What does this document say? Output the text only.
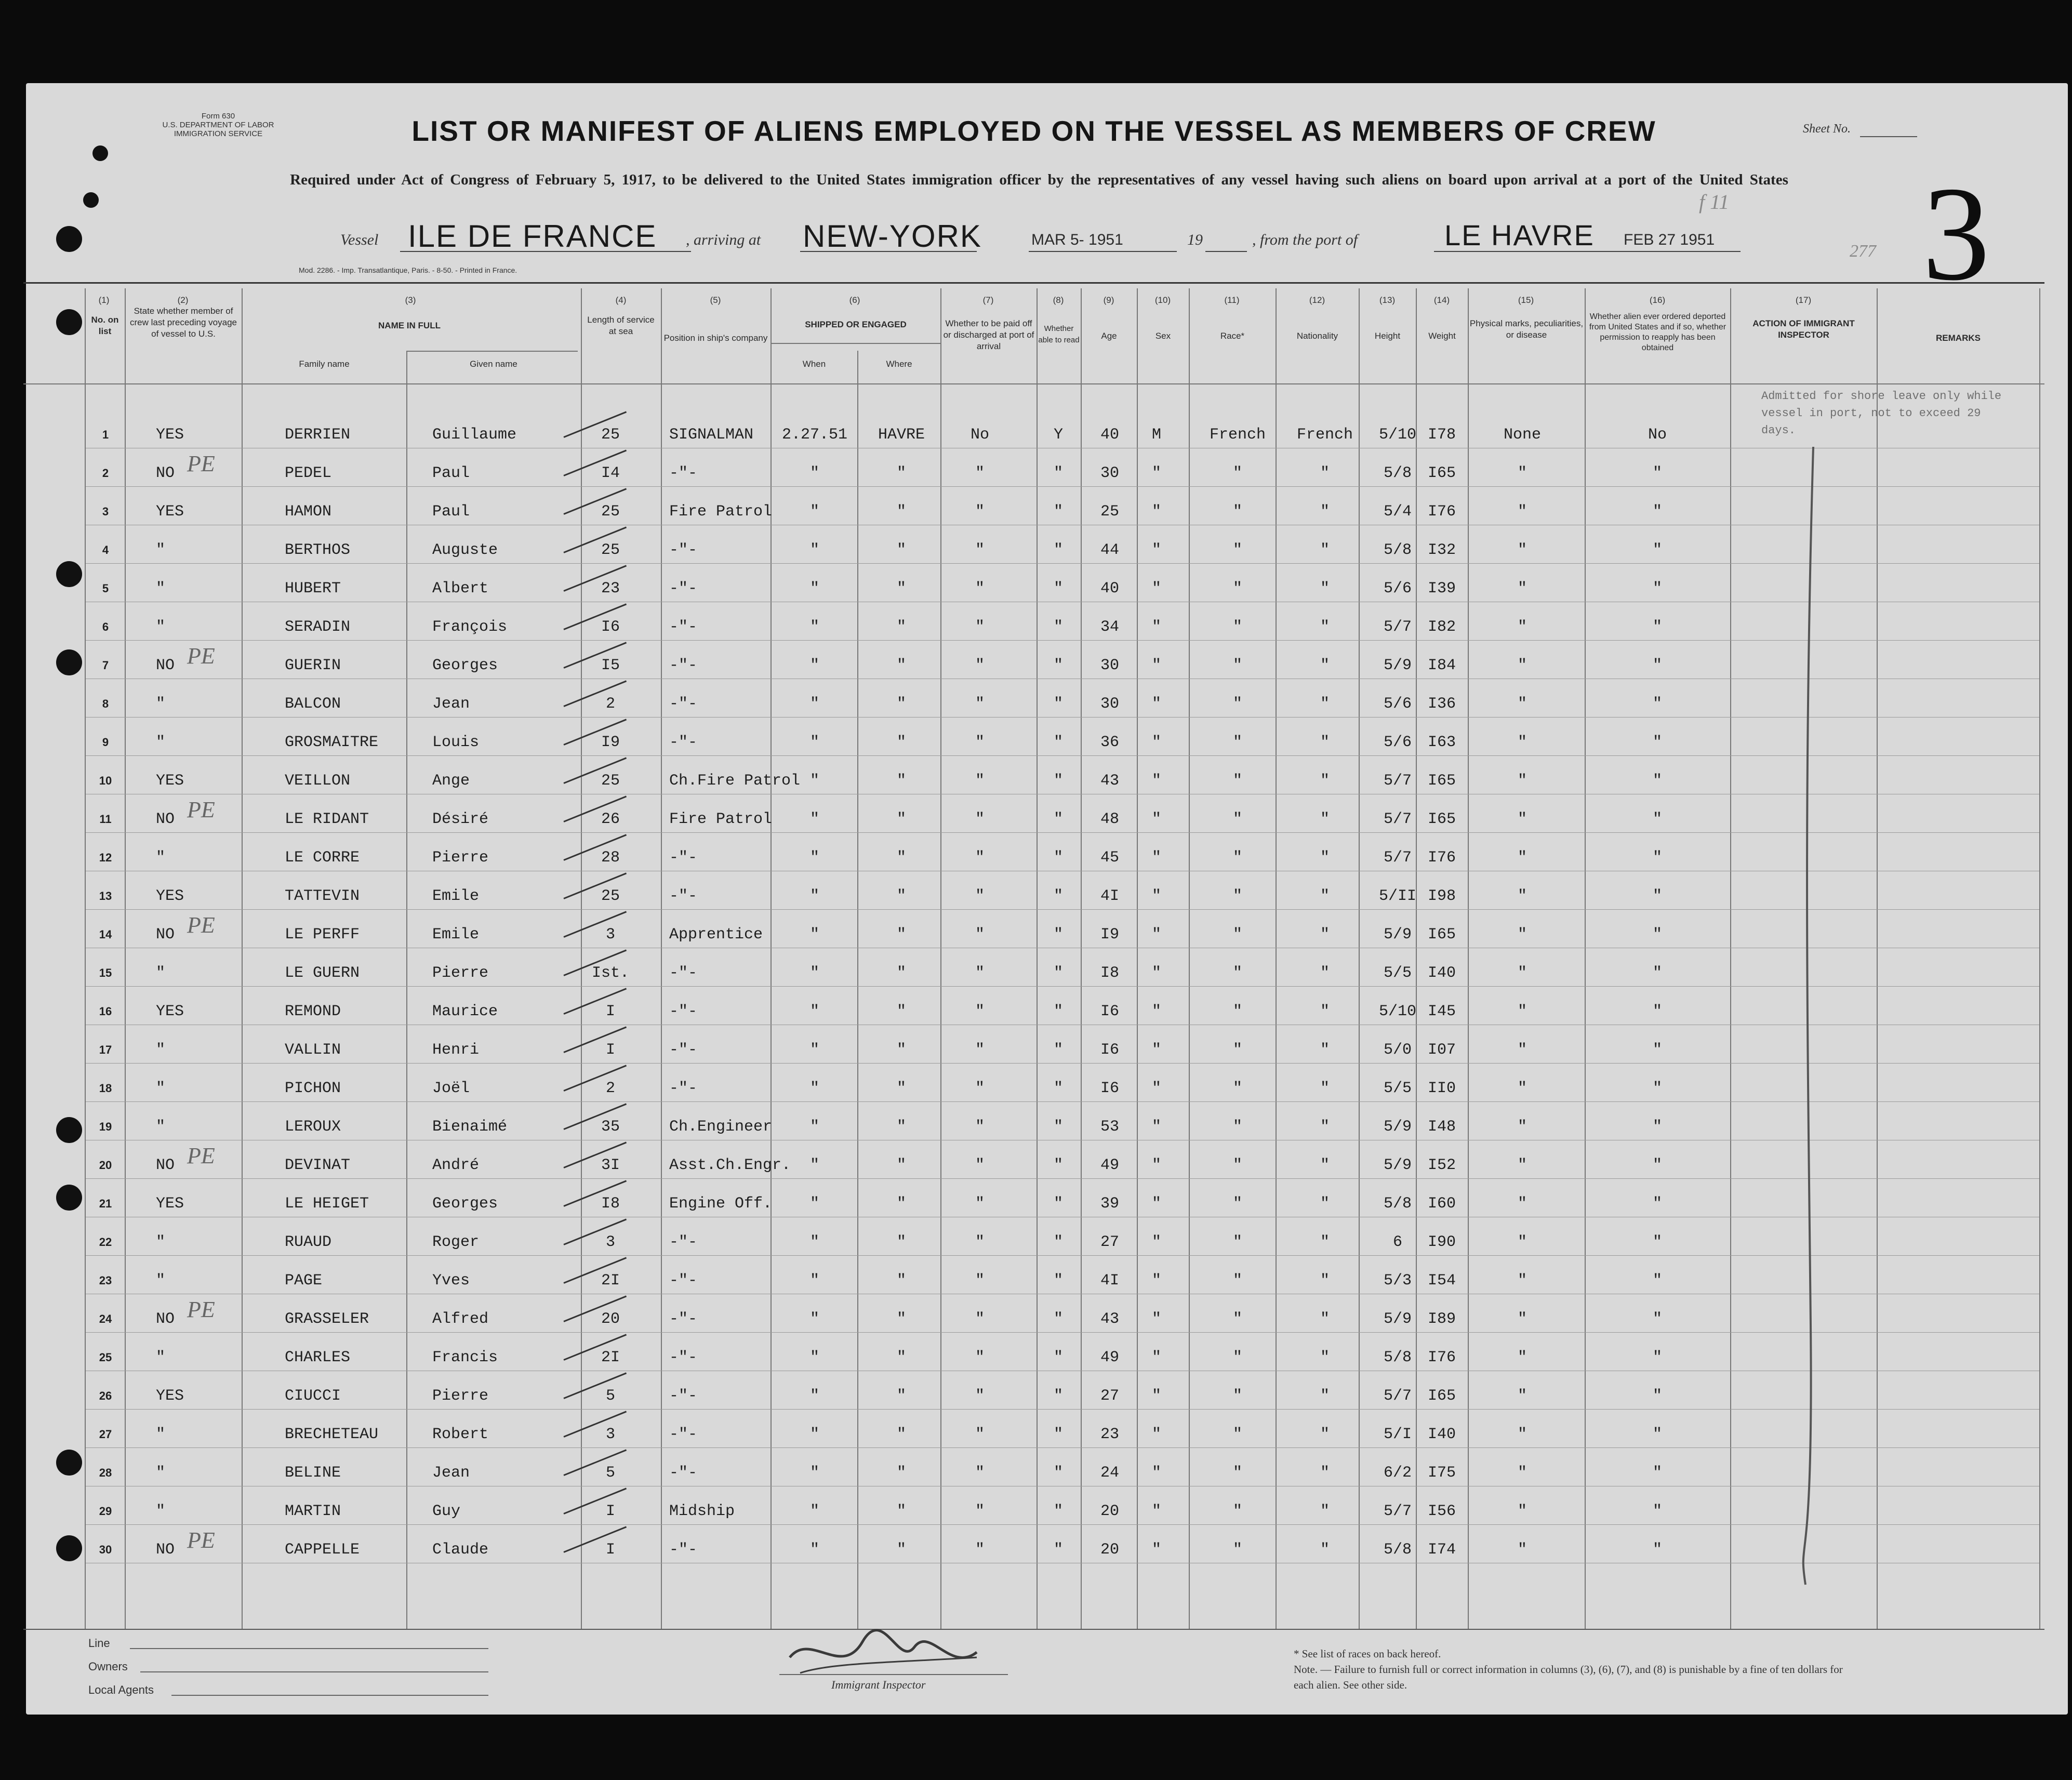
Form 630
U.S. DEPARTMENT OF LABOR
IMMIGRATION SERVICE	LIST OR MANIFEST OF ALIENS EMPLOYED ON THE VESSEL AS MEMBERS OF CREW	Sheet No.
Required under Act of Congress of February 5, 1917, to be delivered to the United States immigration officer by the representatives of any vessel having such aliens on board upon arrival at a port of the United States
f 11
Vessel ILE DE FRANCE , arriving at NEW-YORK	MAR 5- 1951	19	, from the port of	LE HAVRE FEB 27 1951 3
277
Mod. 2286. - Imp. Transatlantique, Paris. - 8-50. - Printed in France.
(1)	(2)	(3)	(4)	(5)	(6)	(7)	(8)	(9)	(10)	(11)	(12)	(13)	(14)	(15)	(16)	(17)
No. on list
State whether member of crew last preceding voyage of vessel to U.S.
NAME IN FULL
Family name	Given name
Length of service at sea
Position in ship's company
SHIPPED OR ENGAGED
When	Where
Whether to be paid off or discharged at port of arrival
Whether able to read	Age	Sex	Race*	Nationality	Height	Weight
Physical marks, peculiarities, or disease
Whether alien ever ordered deported from United States and if so, whether permission to reapply has been obtained
ACTION OF IMMIGRANT INSPECTOR	REMARKS
1	YES	DERRIEN	Guillaume	25	SIGNALMAN 2.27.51 HAVRE	No	Y 40 M	French French 5/10 I78	None	No
2	NO PE	PEDEL	Paul	I4	-"-	"	"	"	" 30 "	"	"	5/8 I65	"	"
3	YES	HAMON	Paul	25	Fire Patrol "	"	"	" 25 "	"	"	5/4 I76	"	"
4	"	BERTHOS	Auguste	25	-"-	"	"	"	" 44 "	"	"	5/8 I32	"	"
5	"	HUBERT	Albert	23	-"-	"	"	"	" 40 "	"	"	5/6 I39	"	"
6	"	SERADIN	François	I6	-"-	"	"	"	" 34 "	"	"	5/7 I82	"	"
7	NO PE	GUERIN	Georges	I5	-"-	"	"	"	" 30 "	"	"	5/9 I84	"	"
8	"	BALCON	Jean	2	-"-	"	"	"	" 30 "	"	"	5/6 I36	"	"
9	"	GROSMAITRE	Louis	I9	-"-	"	"	"	" 36 "	"	"	5/6 I63	"	"
10	YES	VEILLON	Ange	25	Ch.Fire Patrol "	"	"	" 43 "	"	"	5/7 I65	"	"
11	NO PE	LE RIDANT	Désiré	26	Fire Patrol "	"	"	" 48 "	"	"	5/7 I65	"	"
12	"	LE CORRE	Pierre	28	-"-	"	"	"	" 45 "	"	"	5/7 I76	"	"
13	YES	TATTEVIN	Emile	25	-"-	"	"	"	" 4I "	"	"	5/II I98	"	"
14	NO PE	LE PERFF	Emile	3	Apprentice	"	"	"	" I9 "	"	"	5/9 I65	"	"
15	"	LE GUERN	Pierre	Ist.	-"-	"	"	"	" I8 "	"	"	5/5 I40	"	"
16	YES	REMOND	Maurice	I	-"-	"	"	"	" I6 "	"	"	5/10 I45	"	"
17	"	VALLIN	Henri	I	-"-	"	"	"	" I6 "	"	"	5/0 I07	"	"
18	"	PICHON	Joël	2	-"-	"	"	"	" I6 "	"	"	5/5 II0	"	"
19	"	LEROUX	Bienaimé	35	Ch.Engineer "	"	"	" 53 "	"	"	5/9 I48	"	"
20	NO PE	DEVINAT	André	3I	Asst.Ch.Engr. "	"	"	" 49 "	"	"	5/9 I52	"	"
21	YES	LE HEIGET	Georges	I8	Engine Off. "	"	"	" 39 "	"	"	5/8 I60	"	"
22	"	RUAUD	Roger	3	-"-	"	"	"	" 27 "	"	"	6 I90	"	"
23	"	PAGE	Yves	2I	-"-	"	"	"	" 4I "	"	"	5/3 I54	"	"
24	NO PE	GRASSELER	Alfred	20	-"-	"	"	"	" 43 "	"	"	5/9 I89	"	"
25	"	CHARLES	Francis	2I	-"-	"	"	"	" 49 "	"	"	5/8 I76	"	"
26	YES	CIUCCI	Pierre	5	-"-	"	"	"	" 27 "	"	"	5/7 I65	"	"
27	"	BRECHETEAU	Robert	3	-"-	"	"	"	" 23 "	"	"	5/I I40	"	"
28	"	BELINE	Jean	5	-"-	"	"	"	" 24 "	"	"	6/2 I75	"	"
29	"	MARTIN	Guy	I	Midship	"	"	"	" 20 "	"	"	5/7 I56	"	"
30	NO PE	CAPPELLE	Claude	I	-"-	"	"	"	" 20 "	"	"	5/8 I74	"	"
Admitted for shore leave only while vessel in port, not to exceed 29 days.
Line
Owners
Local Agents	Immigrant Inspector
* See list of races on back hereof.
Note. — Failure to furnish full or correct information in columns (3), (6), (7), and (8) is punishable by a fine of ten dollars for each alien. See other side.
